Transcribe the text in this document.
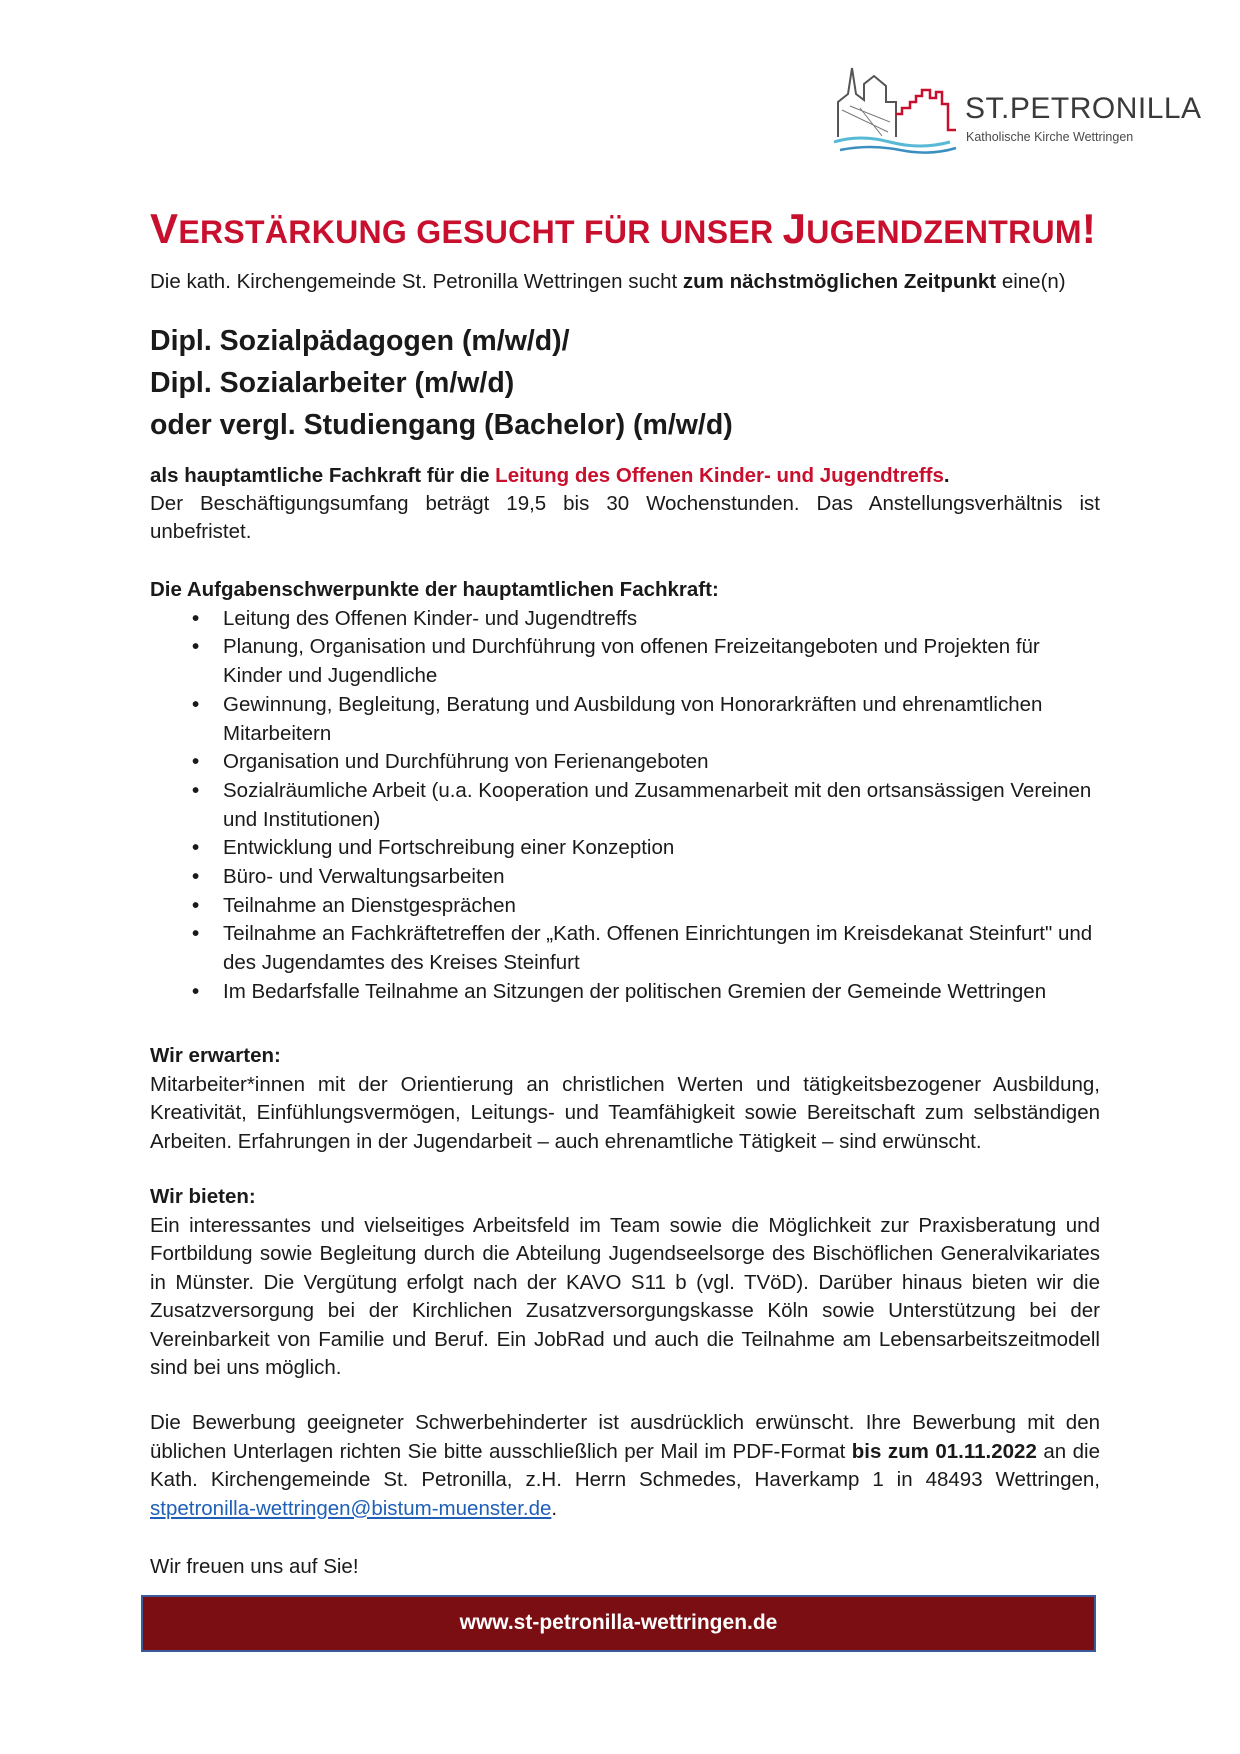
ST.PETRONILLA
Katholische Kirche Wettringen
VERSTÄRKUNG GESUCHT FÜR UNSER JUGENDZENTRUM!

Die kath. Kirchengemeinde St. Petronilla Wettringen sucht zum nächstmöglichen Zeitpunkt eine(n)

Dipl. Sozialpädagogen (m/w/d)/
Dipl. Sozialarbeiter (m/w/d)
oder vergl. Studiengang (Bachelor) (m/w/d)
als hauptamtliche Fachkraft für die Leitung des Offenen Kinder- und Jugendtreffs.

Der Beschäftigungsumfang beträgt 19,5 bis 30 Wochenstunden. Das Anstellungsverhältnis ist unbefristet.

Die Aufgabenschwerpunkte der hauptamtlichen Fachkraft:
• Leitung des Offenen Kinder- und Jugendtreffs
• Planung, Organisation und Durchführung von offenen Freizeitangeboten und Projekten für Kinder und Jugendliche
• Gewinnung, Begleitung, Beratung und Ausbildung von Honorarkräften und ehrenamtlichen Mitarbeitern
• Organisation und Durchführung von Ferienangeboten
• Sozialräumliche Arbeit (u.a. Kooperation und Zusammenarbeit mit den ortsansässigen Vereinen und Institutionen)
• Entwicklung und Fortschreibung einer Konzeption
• Büro- und Verwaltungsarbeiten
• Teilnahme an Dienstgesprächen
• Teilnahme an Fachkräftetreffen der „Kath. Offenen Einrichtungen im Kreisdekanat Steinfurt" und des Jugendamtes des Kreises Steinfurt
• Im Bedarfsfalle Teilnahme an Sitzungen der politischen Gremien der Gemeinde Wettringen
Wir erwarten:

Mitarbeiter*innen mit der Orientierung an christlichen Werten und tätigkeitsbezogener Ausbildung, Kreativität, Einfühlungsvermögen, Leitungs- und Teamfähigkeit sowie Bereitschaft zum selbständigen Arbeiten. Erfahrungen in der Jugendarbeit – auch ehrenamtliche Tätigkeit – sind erwünscht.

Wir bieten:

Ein interessantes und vielseitiges Arbeitsfeld im Team sowie die Möglichkeit zur Praxisberatung und Fortbildung sowie Begleitung durch die Abteilung Jugendseelsorge des Bischöflichen Generalvikariates in Münster. Die Vergütung erfolgt nach der KAVO S11 b (vgl. TVöD). Darüber hinaus bieten wir die Zusatzversorgung bei der Kirchlichen Zusatzversorgungskasse Köln sowie Unterstützung bei der Vereinbarkeit von Familie und Beruf. Ein JobRad und auch die Teilnahme am Lebensarbeitszeitmodell sind bei uns möglich.

Die Bewerbung geeigneter Schwerbehinderter ist ausdrücklich erwünscht. Ihre Bewerbung mit den üblichen Unterlagen richten Sie bitte ausschließlich per Mail im PDF-Format bis zum 01.11.2022 an die Kath. Kirchengemeinde St. Petronilla, z.H. Herrn Schmedes, Haverkamp 1 in 48493 Wettringen, stpetronilla-wettringen@bistum-muenster.de.

Wir freuen uns auf Sie!

www.st-petronilla-wettringen.de
